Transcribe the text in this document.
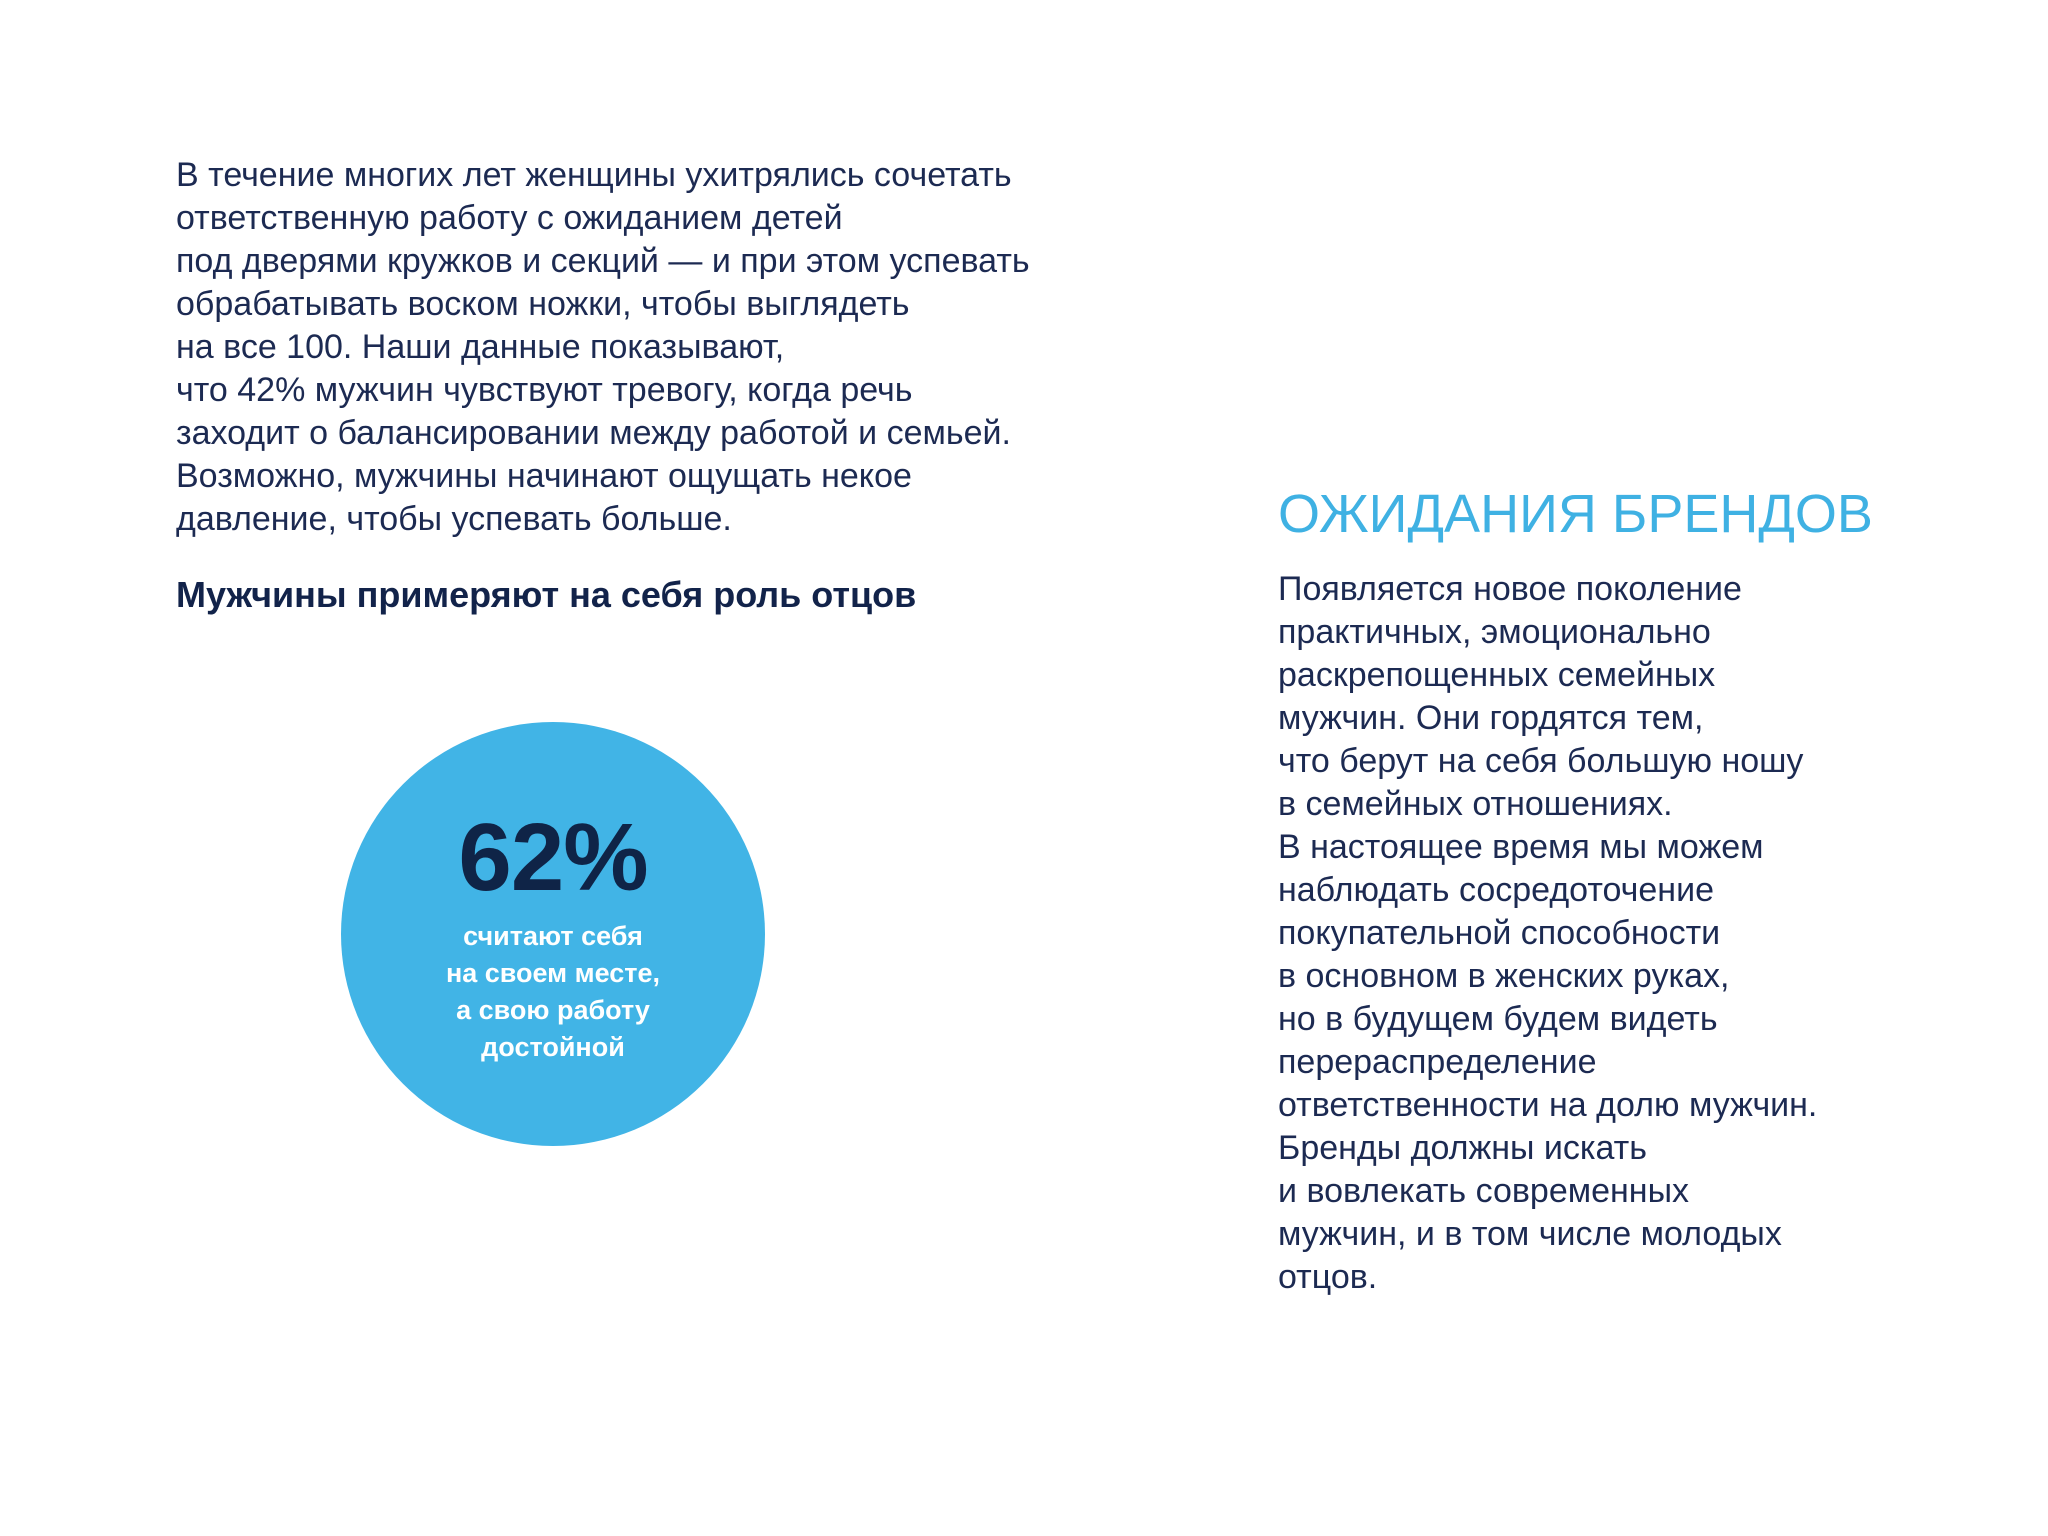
В течение многих лет женщины ухитрялись сочетать
ответственную работу с ожиданием детей
под дверями кружков и секций — и при этом успевать
обрабатывать воском ножки, чтобы выглядеть
на все 100. Наши данные показывают,
что 42% мужчин чувствуют тревогу, когда речь
заходит о балансировании между работой и семьей.
Возможно, мужчины начинают ощущать некое
давление, чтобы успевать больше.

Мужчины примеряют на себя роль отцов
62%
считают себя
на своем месте,
а свою работу
достойной
ОЖИДАНИЯ БРЕНДОВ

Появляется новое поколение
практичных, эмоционально
раскрепощенных семейных
мужчин. Они гордятся тем,
что берут на себя большую ношу
в семейных отношениях.
В настоящее время мы можем
наблюдать сосредоточение
покупательной способности
в основном в женских руках,
но в будущем будем видеть
перераспределение
ответственности на долю мужчин.
Бренды должны искать
и вовлекать современных
мужчин, и в том числе молодых
отцов.
